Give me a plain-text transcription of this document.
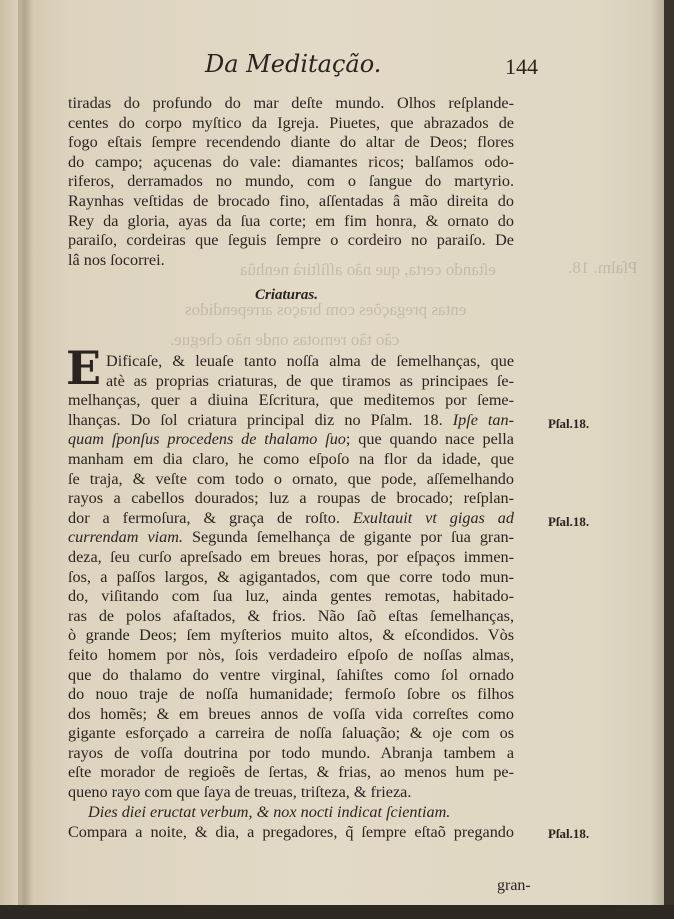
Da Meditação.	144
Pſalm. 18.
eſtando certa, que não aſſiſtirà nenhũa
entas pregações com braços arrependidos
cão tão remotas onde não chegue.
tiradas do profundo do mar deſte mundo. Olhos reſplande-
centes do corpo myſtico da Igreja. Piuetes, que abrazados de
fogo eſtais ſempre recendendo diante do altar de Deos; flores
do campo; açucenas do vale: diamantes ricos; balſamos odo-
riferos, derramados no mundo, com o ſangue do martyrio.
Raynhas veſtidas de brocado fino, aſſentadas â mão direita do
Rey da gloria, ayas da ſua corte; em fim honra, & ornato do
paraiſo, cordeiras que ſeguis ſempre o cordeiro no paraiſo. De
lâ nos ſocorrei.
Criaturas.
E Dificaſe, & leuaſe tanto noſſa alma de ſemelhanças, que
atè as proprias criaturas, de que tiramos as principaes ſe-
melhanças, quer a diuina Eſcritura, que meditemos por ſeme-
lhanças. Do ſol criatura principal diz no Pſalm. 18. Ipſe tan-
quam ſponſus procedens de thalamo ſuo; que quando nace pella
manham em dia claro, he como eſpoſo na flor da idade, que
ſe traja, & veſte com todo o ornato, que pode, aſſemelhando
rayos a cabellos dourados; luz a roupas de brocado; reſplan-
dor a fermoſura, & graça de roſto. Exultauit vt gigas ad
currendam viam. Segunda ſemelhança de gigante por ſua gran-
deza, ſeu curſo apreſsado em breues horas, por eſpaços immen-
ſos, a paſſos largos, & agigantados, com que corre todo mun-
do, viſitando com ſua luz, ainda gentes remotas, habitado-
ras de polos afaſtados, & frios. Não ſaõ eſtas ſemelhanças,
ò grande Deos; ſem myſterios muito altos, & eſcondidos. Vòs
feito homem por nòs, ſois verdadeiro eſpoſo de noſſas almas,
que do thalamo do ventre virginal, ſahiſtes como ſol ornado
do nouo traje de noſſa humanidade; fermoſo ſobre os filhos
dos homẽs; & em breues annos de voſſa vida correſtes como
gigante esforçado a carreira de noſſa ſaluação; & oje com os
rayos de voſſa doutrina por todo mundo. Abranja tambem a
eſte morador de regioẽs de ſertas, & frias, ao menos hum pe-
queno rayo com que ſaya de treuas, triſteza, & frieza.
Dies diei eructat verbum, & nox nocti indicat ſcientiam.
Compara a noite, & dia, a pregadores, q̃ ſempre eſtaõ pregando
Pſal.18.
Pſal.18.
Pſal.18.
gran-
